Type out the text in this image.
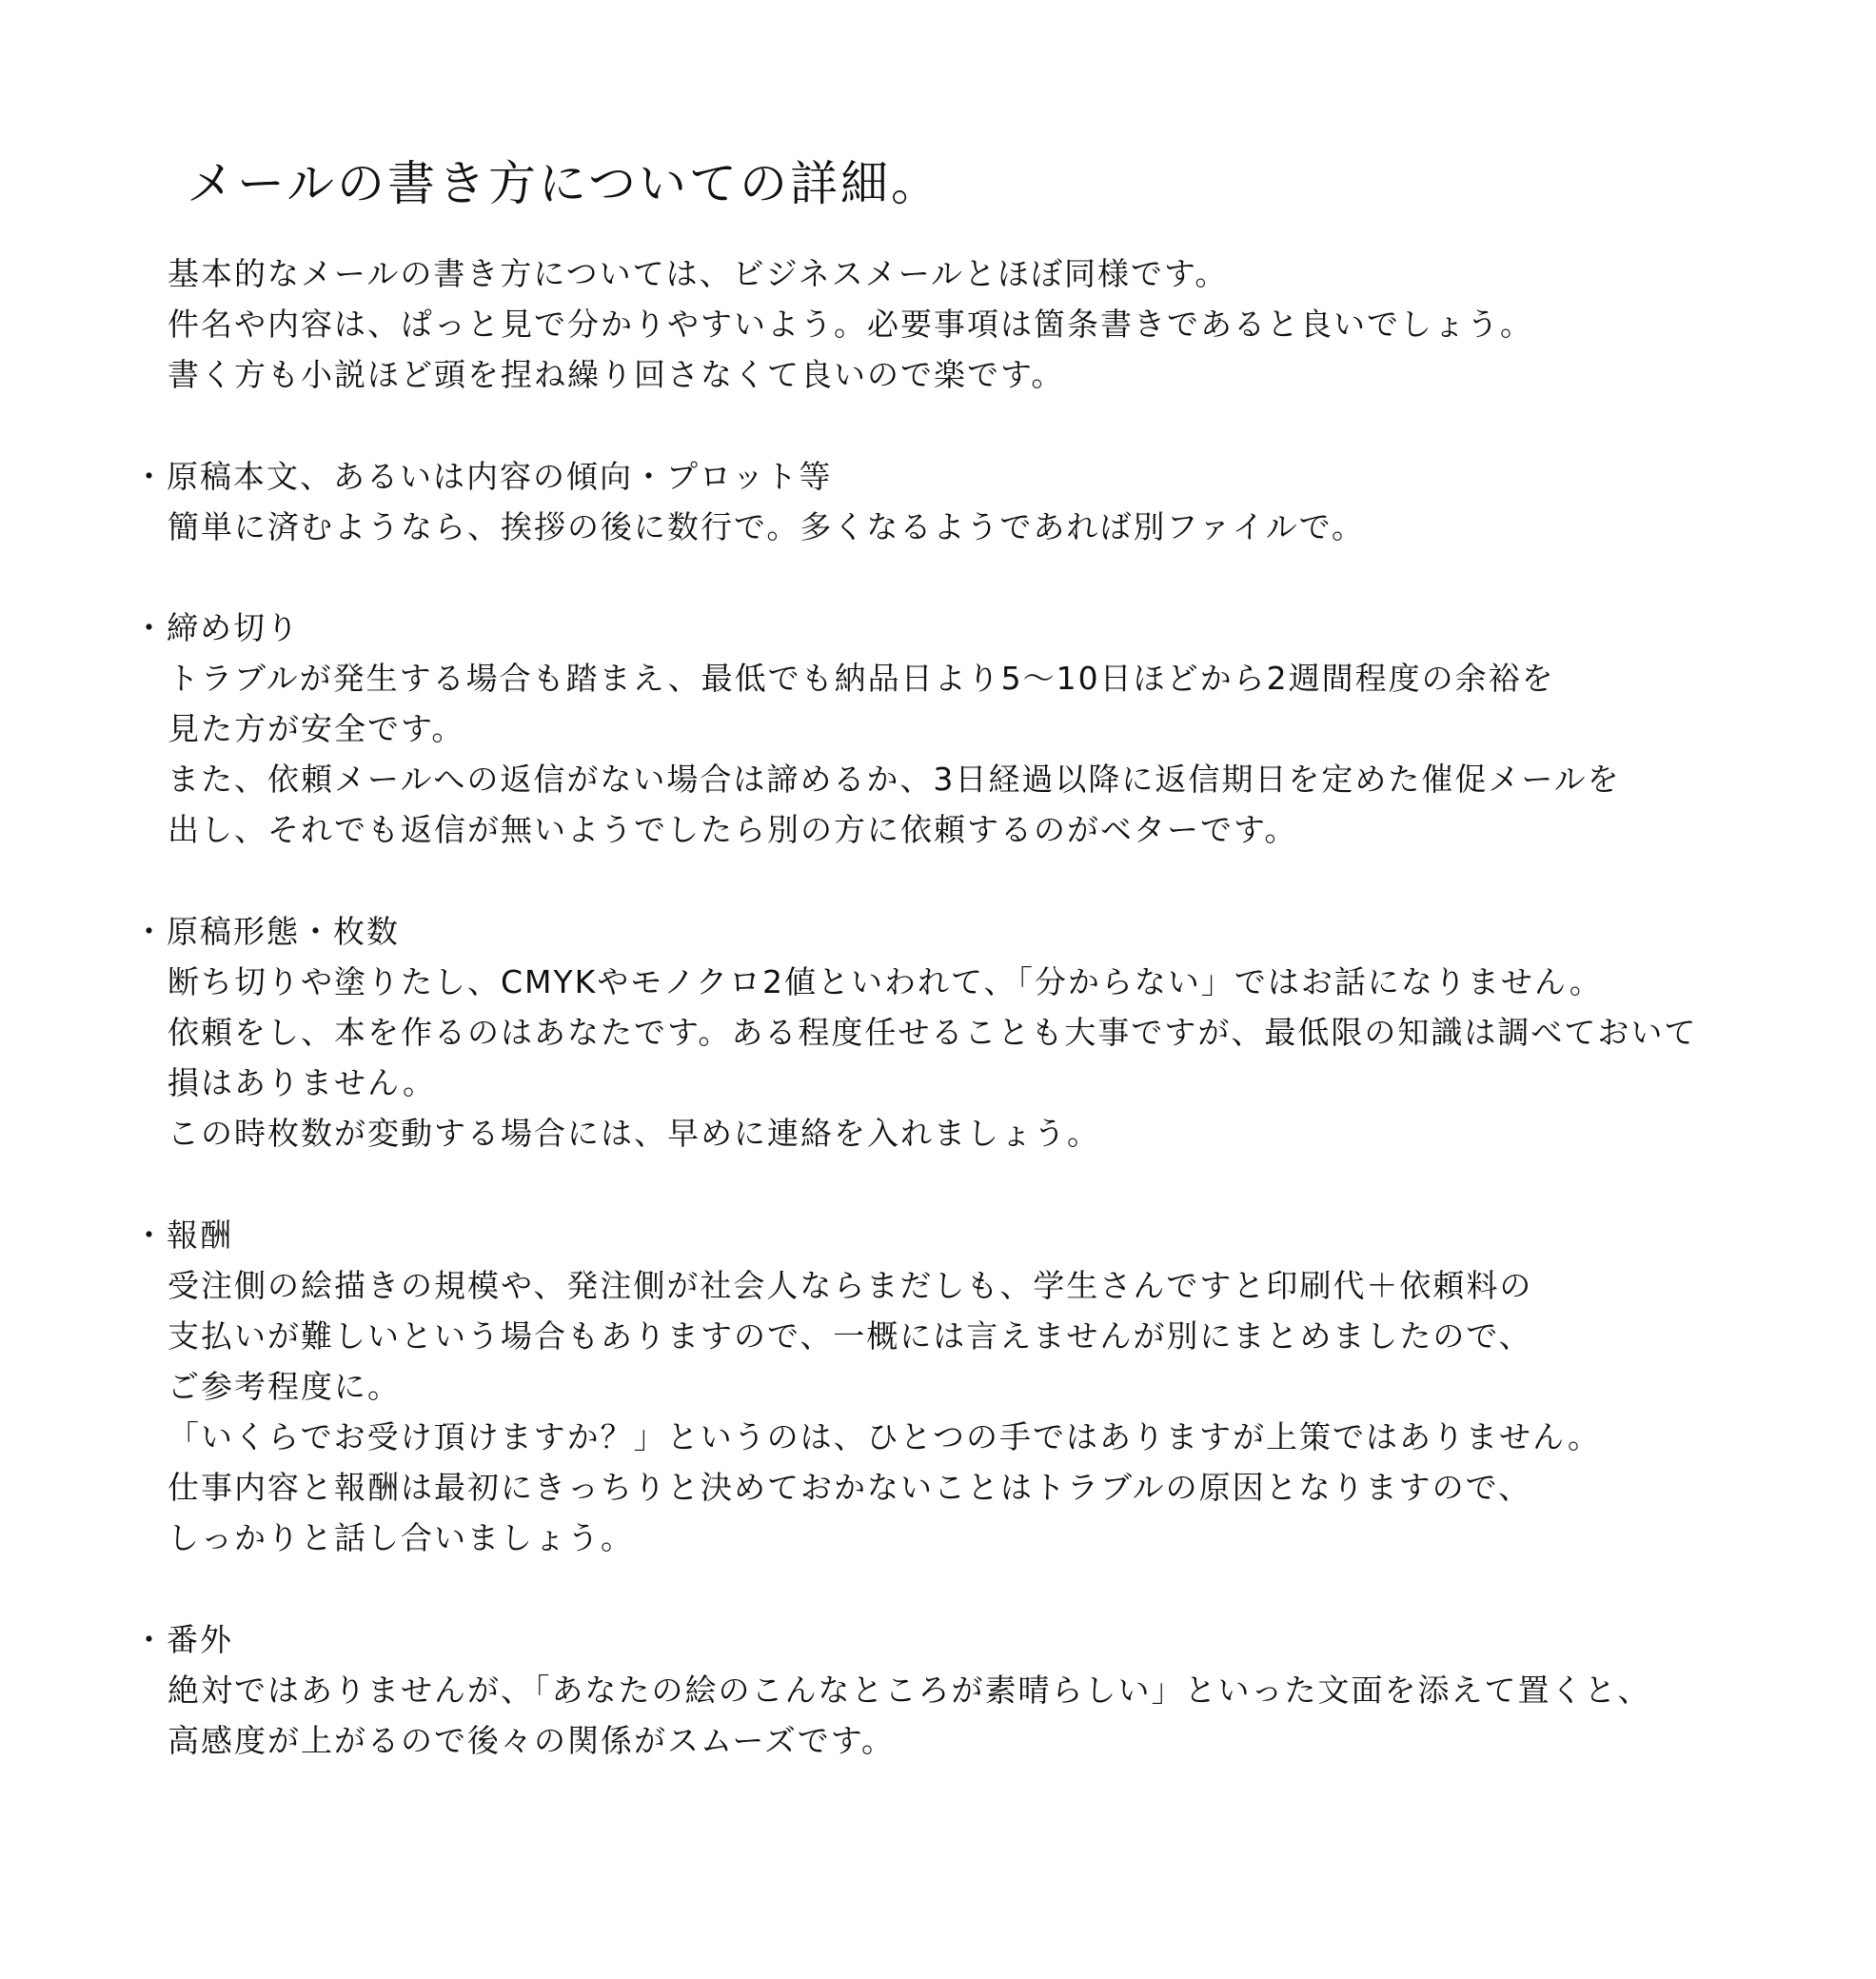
メールの書き方についての詳細。
基本的なメールの書き方については、ビジネスメールとほぼ同様です。
件名や内容は、ぱっと見で分かりやすいよう。必要事項は箇条書きであると良いでしょう。
書く方も小説ほど頭を捏ね繰り回さなくて良いので楽です。
・原稿本文、あるいは内容の傾向・プロット等
簡単に済むようなら、挨拶の後に数行で。多くなるようであれば別ファイルで。
・締め切り
トラブルが発生する場合も踏まえ、最低でも納品日より5～10日ほどから2週間程度の余裕を
見た方が安全です。
また、依頼メールへの返信がない場合は諦めるか、3日経過以降に返信期日を定めた催促メールを
出し、それでも返信が無いようでしたら別の方に依頼するのがベターです。
・原稿形態・枚数
断ち切りや塗りたし、CMYKやモノクロ2値といわれて、「分からない」ではお話になりません。
依頼をし、本を作るのはあなたです。ある程度任せることも大事ですが、最低限の知識は調べておいて
損はありません。
この時枚数が変動する場合には、早めに連絡を入れましょう。
・報酬
受注側の絵描きの規模や、発注側が社会人ならまだしも、学生さんですと印刷代＋依頼料の
支払いが難しいという場合もありますので、一概には言えませんが別にまとめましたので、
ご参考程度に。
「いくらでお受け頂けますか？」というのは、ひとつの手ではありますが上策ではありません。
仕事内容と報酬は最初にきっちりと決めておかないことはトラブルの原因となりますので、
しっかりと話し合いましょう。
・番外
絶対ではありませんが、「あなたの絵のこんなところが素晴らしい」といった文面を添えて置くと、
高感度が上がるので後々の関係がスムーズです。
